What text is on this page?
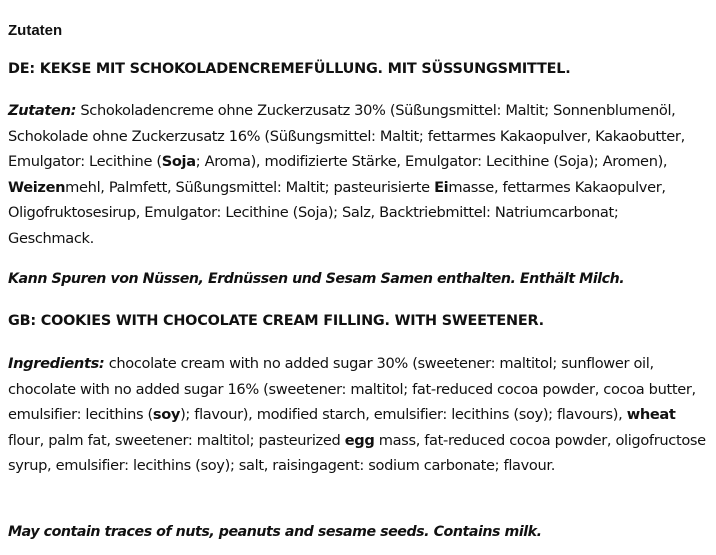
Zutaten
DE: KEKSE MIT SCHOKOLADENCREMEFÜLLUNG. MIT SÜSSUNGSMITTEL.
Zutaten: Schokoladencreme ohne Zuckerzusatz 30% (Süßungsmittel: Maltit; Sonnenblumenöl, Schokolade ohne Zuckerzusatz 16% (Süßungsmittel: Maltit; fettarmes Kakaopulver, Kakaobutter, Emulgator: Lecithine (Soja; Aroma), modifizierte Stärke, Emulgator: Lecithine (Soja); Aromen), Weizenmehl, Palmfett, Süßungsmittel: Maltit; pasteurisierte Eimasse, fettarmes Kakaopulver, Oligofruktosesirup, Emulgator: Lecithine (Soja); Salz, Backtriebmittel: Natriumcarbonat; Geschmack.
Kann Spuren von Nüssen, Erdnüssen und Sesam Samen enthalten. Enthält Milch.
GB: COOKIES WITH CHOCOLATE CREAM FILLING. WITH SWEETENER.
Ingredients: chocolate cream with no added sugar 30% (sweetener: maltitol; sunflower oil, chocolate with no added sugar 16% (sweetener: maltitol; fat-reduced cocoa powder, cocoa butter, emulsifier: lecithins (soy); flavour), modified starch, emulsifier: lecithins (soy); flavours), wheat flour, palm fat, sweetener: maltitol; pasteurized egg mass, fat-reduced cocoa powder, oligofructose syrup, emulsifier: lecithins (soy); salt, raisingagent: sodium carbonate; flavour.
May contain traces of nuts, peanuts and sesame seeds. Contains milk.
